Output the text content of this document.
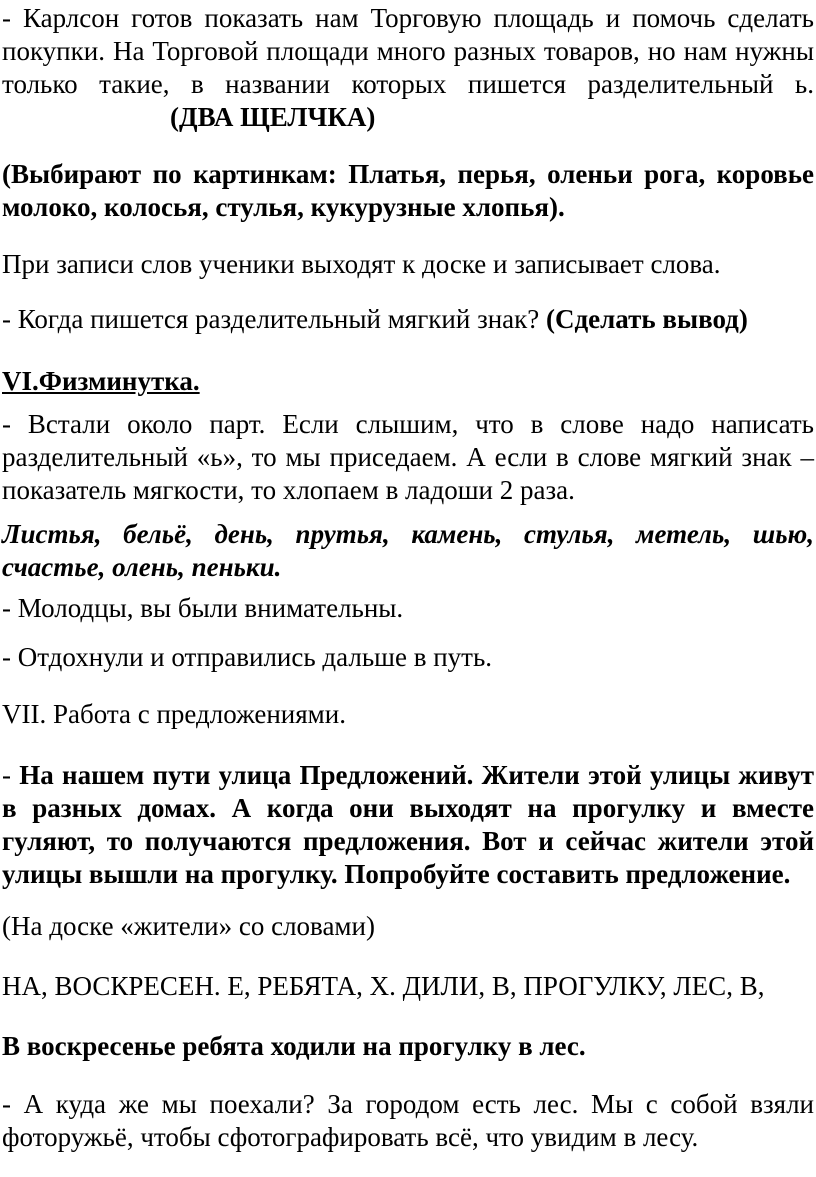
- Карлсон готов показать нам Торговую площадь и помочь сделать покупки. На Торговой площади много разных товаров, но нам нужны только такие, в названии которых пишется разделительный ь.(ДВА ЩЕЛЧКА)

(Выбирают по картинкам: Платья, перья, оленьи рога, коровье молоко, колосья, стулья, кукурузные хлопья).

При записи слов ученики выходят к доске и записывает слова.

- Когда пишется разделительный мягкий знак? (Сделать вывод)

VI.Физминутка.

- Встали около парт. Если слышим, что в слове надо написать разделительный «ь», то мы приседаем. А если в слове мягкий знак – показатель мягкости, то хлопаем в ладоши 2 раза.

Листья, бельё, день, прутья, камень, стулья, метель, шью, счастье, олень, пеньки.

- Молодцы, вы были внимательны.

- Отдохнули и отправились дальше в путь.

VII. Работа с предложениями.

- На нашем пути улица Предложений. Жители этой улицы живут в разных домах. А когда они выходят на прогулку и вместе гуляют, то получаются предложения. Вот и сейчас жители этой улицы вышли на прогулку. Попробуйте составить предложение.

(На доске «жители» со словами)

НА, ВОСКРЕСЕН. Е, РЕБЯТА, Х. ДИЛИ, В, ПРОГУЛКУ, ЛЕС, В,

В воскресенье ребята ходили на прогулку в лес.

- А куда же мы поехали? За городом есть лес. Мы с собой взяли фоторужьё, чтобы сфотографировать всё, что увидим в лесу.
